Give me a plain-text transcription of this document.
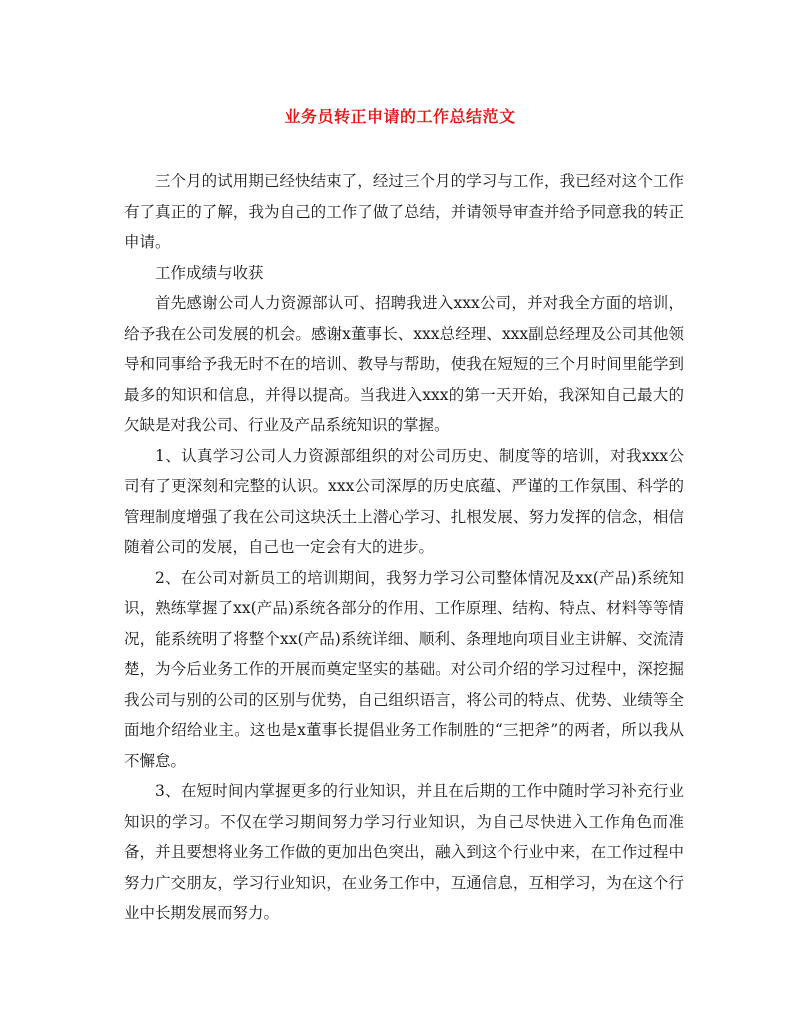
业务员转正申请的工作总结范文

三个月的试用期已经快结束了，经过三个月的学习与工作，我已经对这个工作有了真正的了解，我为自己的工作了做了总结，并请领导审查并给予同意我的转正申请。

工作成绩与收获

首先感谢公司人力资源部认可、招聘我进入xxx公司，并对我全方面的培训，给予我在公司发展的机会。感谢x董事长、xxx总经理、xxx副总经理及公司其他领导和同事给予我无时不在的培训、教导与帮助，使我在短短的三个月时间里能学到最多的知识和信息，并得以提高。当我进入xxx的第一天开始，我深知自己最大的欠缺是对我公司、行业及产品系统知识的掌握。

1、认真学习公司人力资源部组织的对公司历史、制度等的培训，对我xxx公司有了更深刻和完整的认识。xxx公司深厚的历史底蕴、严谨的工作氛围、科学的管理制度增强了我在公司这块沃土上潜心学习、扎根发展、努力发挥的信念，相信随着公司的发展，自己也一定会有大的进步。

2、在公司对新员工的培训期间，我努力学习公司整体情况及xx(产品)系统知识，熟练掌握了xx(产品)系统各部分的作用、工作原理、结构、特点、材料等等情况，能系统明了将整个xx(产品)系统详细、顺利、条理地向项目业主讲解、交流清楚，为今后业务工作的开展而奠定坚实的基础。对公司介绍的学习过程中，深挖掘我公司与别的公司的区别与优势，自己组织语言，将公司的特点、优势、业绩等全面地介绍给业主。这也是x董事长提倡业务工作制胜的“三把斧”的两者，所以我从不懈怠。

3、在短时间内掌握更多的行业知识，并且在后期的工作中随时学习补充行业知识的学习。不仅在学习期间努力学习行业知识，为自己尽快进入工作角色而准备，并且要想将业务工作做的更加出色突出，融入到这个行业中来，在工作过程中努力广交朋友，学习行业知识，在业务工作中，互通信息，互相学习，为在这个行业中长期发展而努力。
